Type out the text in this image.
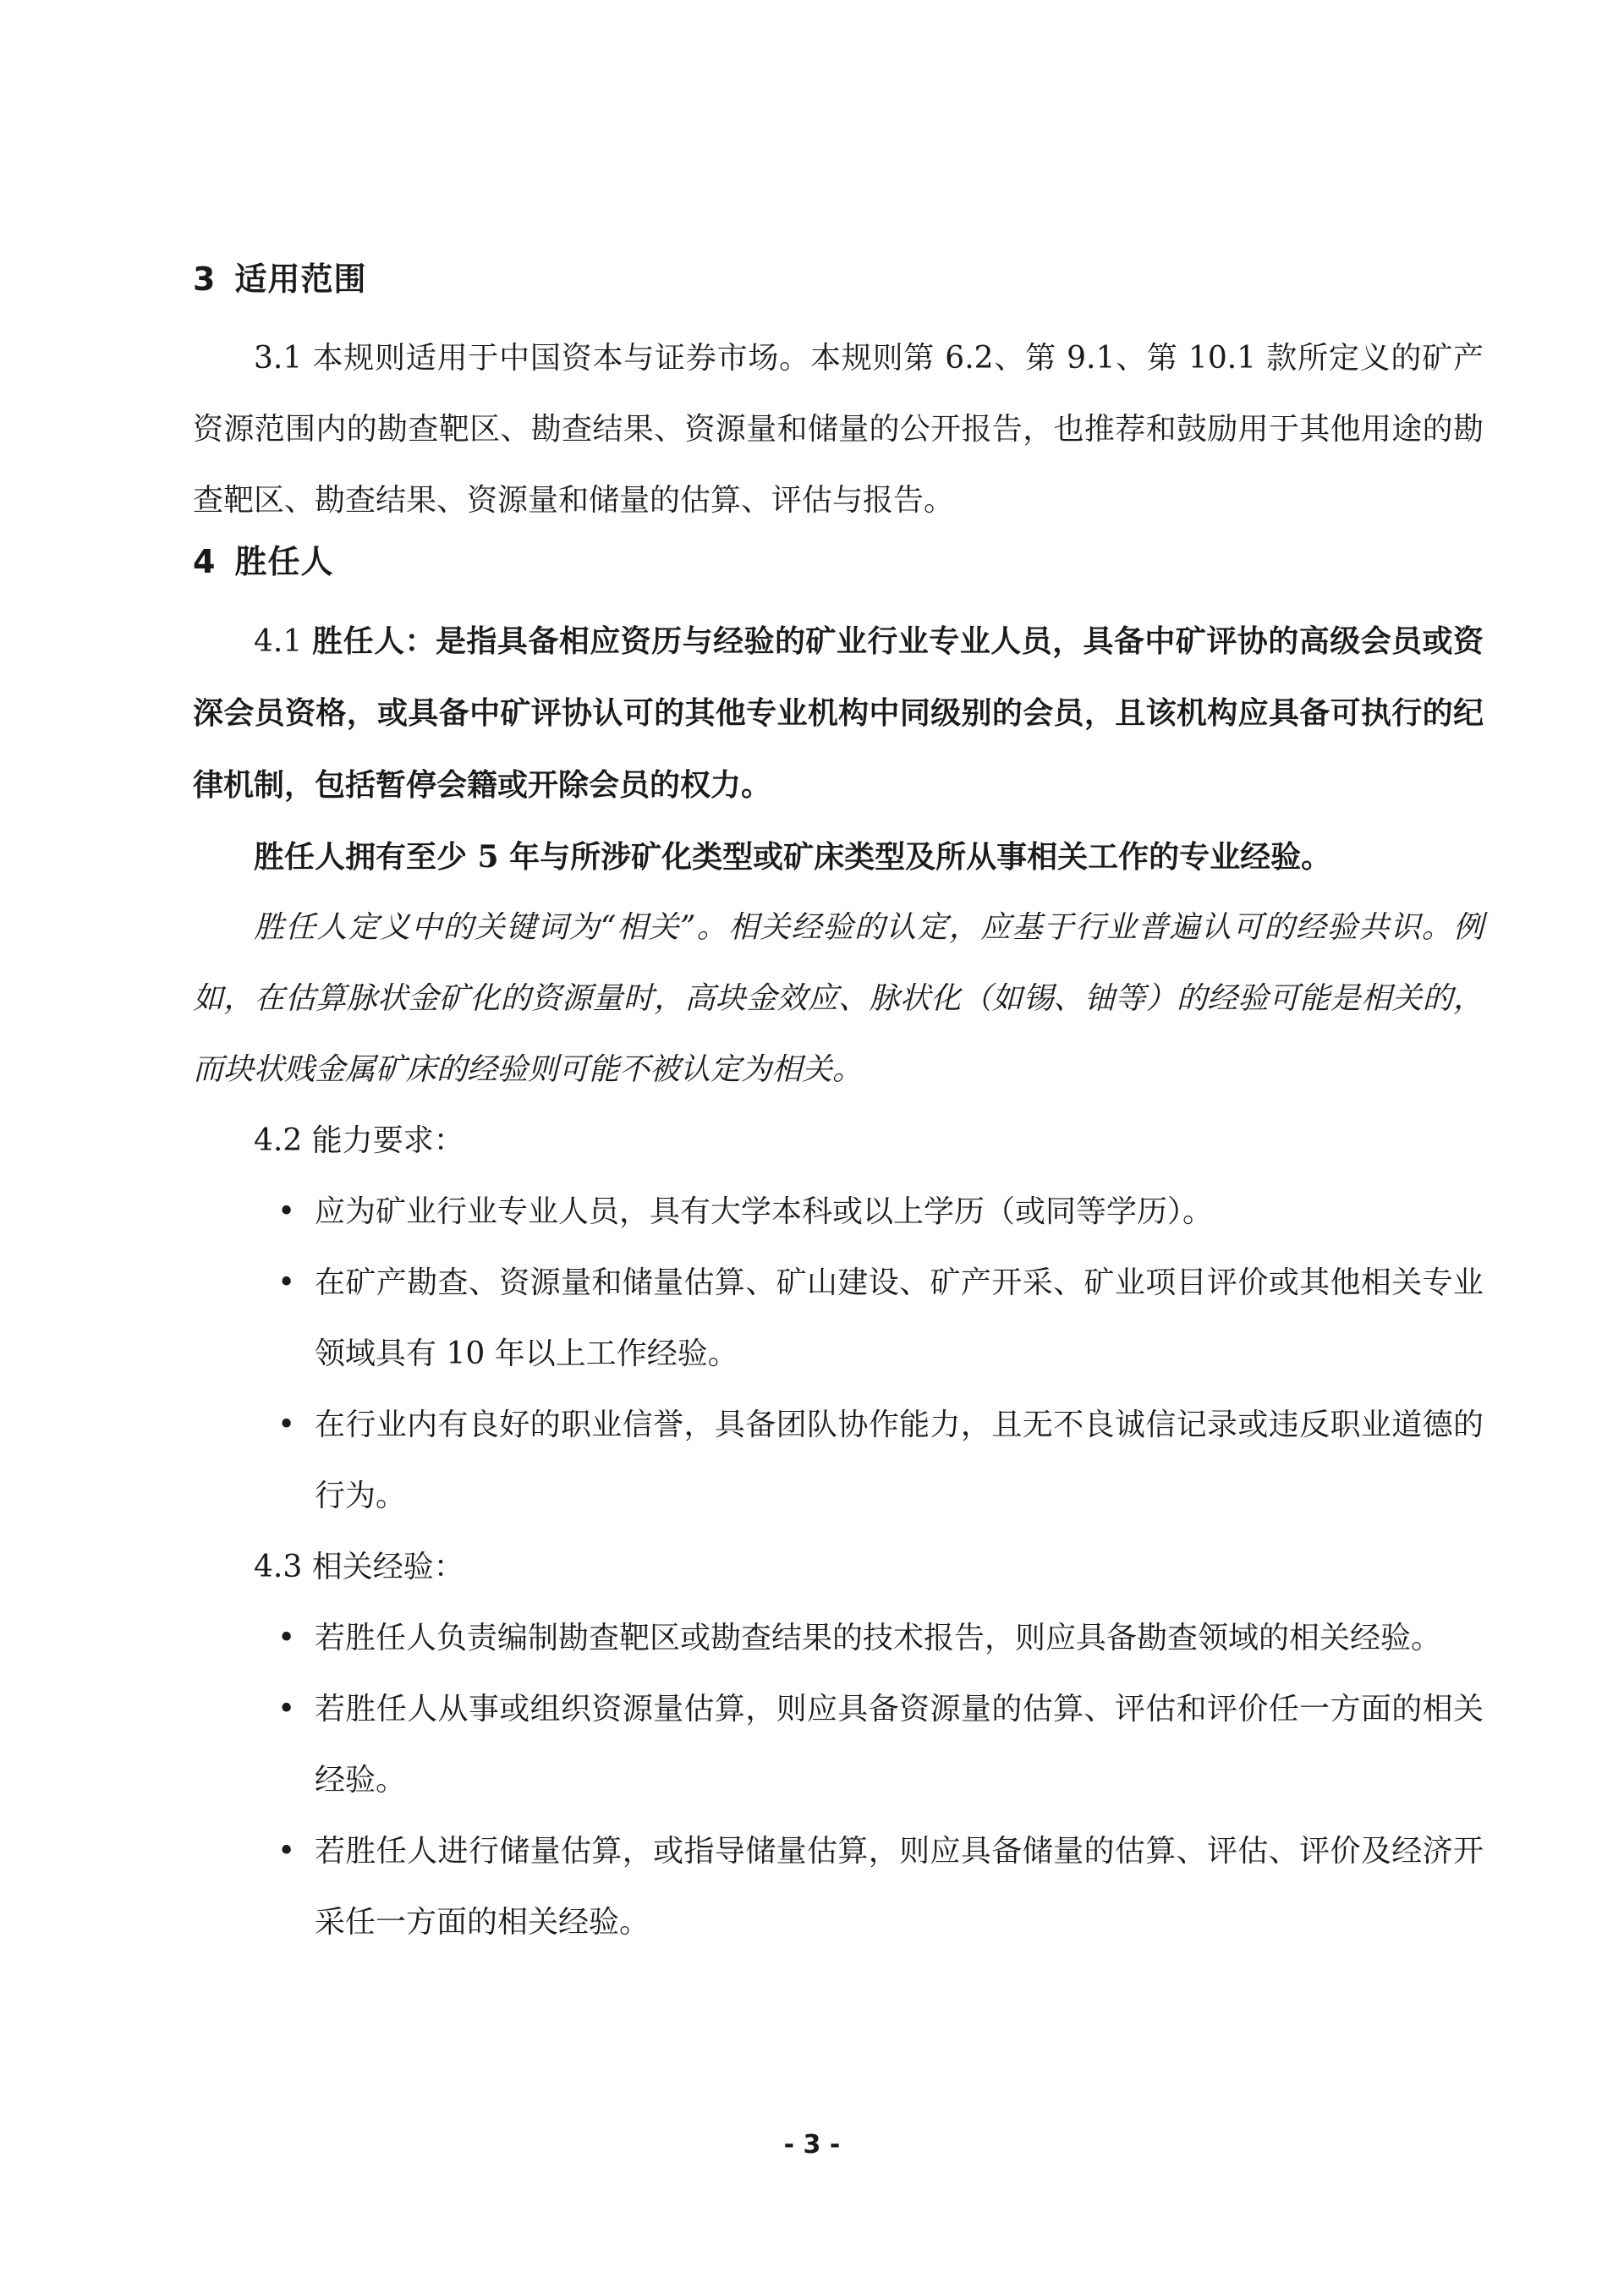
3 适用范围

3.1 本规则适用于中国资本与证券市场。本规则第 6.2、第 9.1、第 10.1 款所定义的矿产资源范围内的勘查靶区、勘查结果、资源量和储量的公开报告，也推荐和鼓励用于其他用途的勘查靶区、勘查结果、资源量和储量的估算、评估与报告。

4 胜任人

4.1 胜任人：是指具备相应资历与经验的矿业行业专业人员，具备中矿评协的高级会员或资深会员资格，或具备中矿评协认可的其他专业机构中同级别的会员，且该机构应具备可执行的纪律机制，包括暂停会籍或开除会员的权力。

胜任人拥有至少 5 年与所涉矿化类型或矿床类型及所从事相关工作的专业经验。

胜任人定义中的关键词为“相关”。相关经验的认定，应基于行业普遍认可的经验共识。例如，在估算脉状金矿化的资源量时，高块金效应、脉状化（如锡、铀等）的经验可能是相关的，而块状贱金属矿床的经验则可能不被认定为相关。

4.2 能力要求：

• 应为矿业行业专业人员，具有大学本科或以上学历（或同等学历）。
• 在矿产勘查、资源量和储量估算、矿山建设、矿产开采、矿业项目评价或其他相关专业领域具有 10 年以上工作经验。
• 在行业内有良好的职业信誉，具备团队协作能力，且无不良诚信记录或违反职业道德的行为。

4.3 相关经验：

• 若胜任人负责编制勘查靶区或勘查结果的技术报告，则应具备勘查领域的相关经验。
• 若胜任人从事或组织资源量估算，则应具备资源量的估算、评估和评价任一方面的相关经验。
• 若胜任人进行储量估算，或指导储量估算，则应具备储量的估算、评估、评价及经济开采任一方面的相关经验。
- 3 -
